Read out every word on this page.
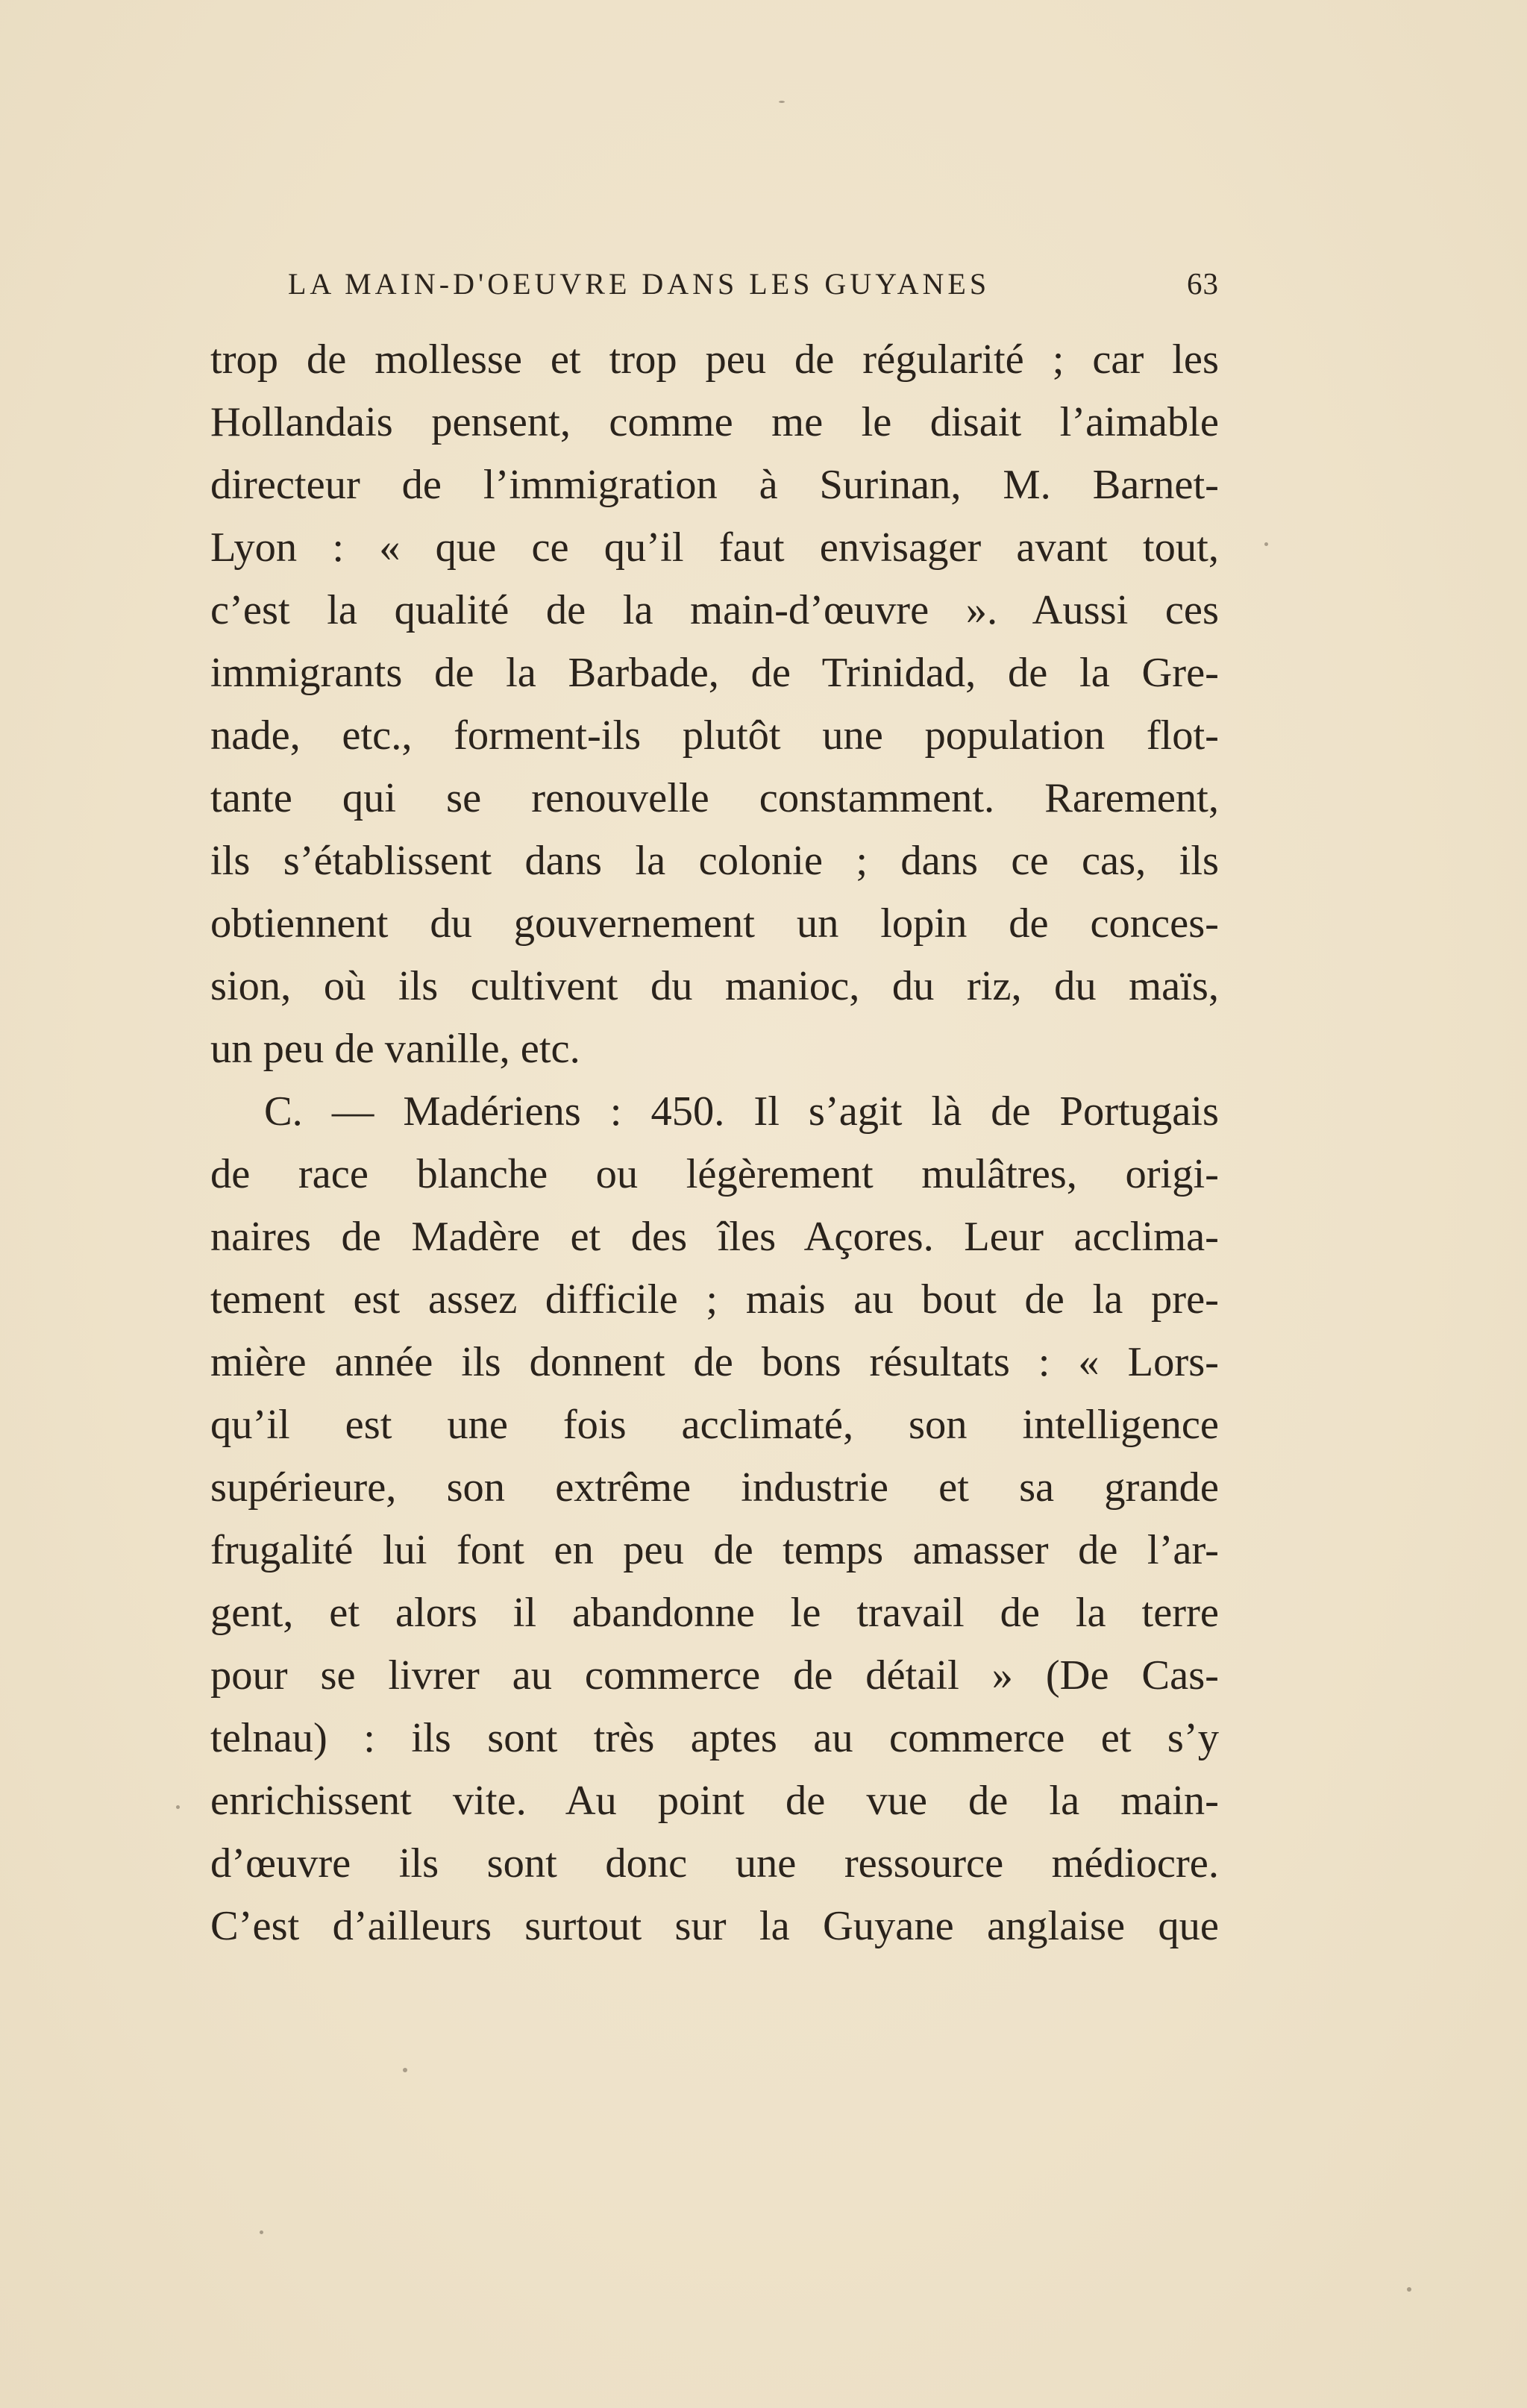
LA MAIN-D'OEUVRE DANS LES GUYANES	63
trop de mollesse et trop peu de régularité ; car les
Hollandais pensent, comme me le disait l’aimable
directeur de l’immigration à Surinan, M. Barnet-
Lyon : « que ce qu’il faut envisager avant tout,
c’est la qualité de la main-d’œuvre ». Aussi ces
immigrants de la Barbade, de Trinidad, de la Gre-
nade, etc., forment-ils plutôt une population flot-
tante qui se renouvelle constamment. Rarement,
ils s’établissent dans la colonie ; dans ce cas, ils
obtiennent du gouvernement un lopin de conces-
sion, où ils cultivent du manioc, du riz, du maïs,
un peu de vanille, etc.
C. — Madériens : 450. Il s’agit là de Portugais
de race blanche ou légèrement mulâtres, origi-
naires de Madère et des îles Açores. Leur acclima-
tement est assez difficile ; mais au bout de la pre-
mière année ils donnent de bons résultats : « Lors-
qu’il est une fois acclimaté, son intelligence
supérieure, son extrême industrie et sa grande
frugalité lui font en peu de temps amasser de l’ar-
gent, et alors il abandonne le travail de la terre
pour se livrer au commerce de détail » (De Cas-
telnau) : ils sont très aptes au commerce et s’y
enrichissent vite. Au point de vue de la main-
d’œuvre ils sont donc une ressource médiocre.
C’est d’ailleurs surtout sur la Guyane anglaise que
